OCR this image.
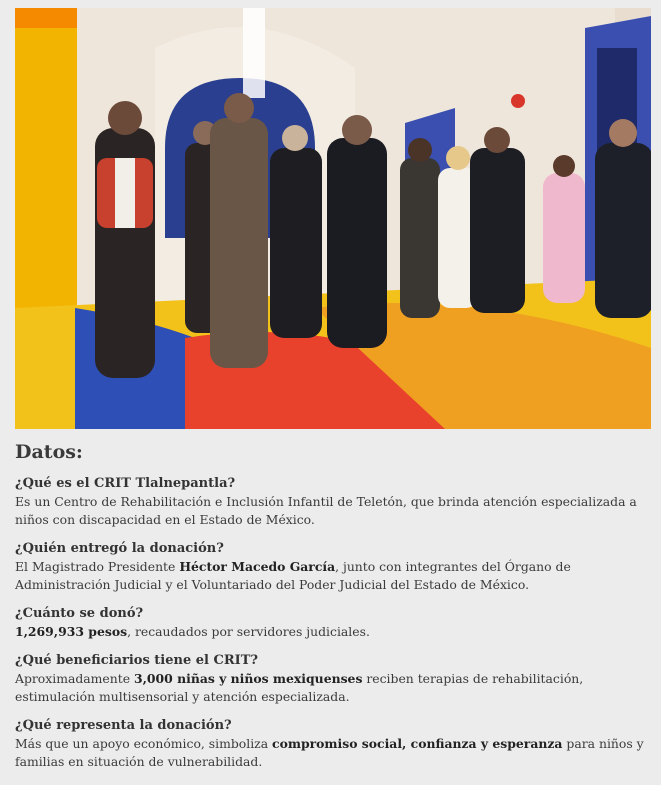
Datos:
¿Qué es el CRIT Tlalnepantla?
Es un Centro de Rehabilitación e Inclusión Infantil de Teletón, que brinda atención especializada a niños con discapacidad en el Estado de México.
¿Quién entregó la donación?
El Magistrado Presidente Héctor Macedo García, junto con integrantes del Órgano de Administración Judicial y el Voluntariado del Poder Judicial del Estado de México.
¿Cuánto se donó?
1,269,933 pesos, recaudados por servidores judiciales.
¿Qué beneficiarios tiene el CRIT?
Aproximadamente 3,000 niñas y niños mexiquenses reciben terapias de rehabilitación, estimulación multisensorial y atención especializada.
¿Qué representa la donación?
Más que un apoyo económico, simboliza compromiso social, confianza y esperanza para niños y familias en situación de vulnerabilidad.
